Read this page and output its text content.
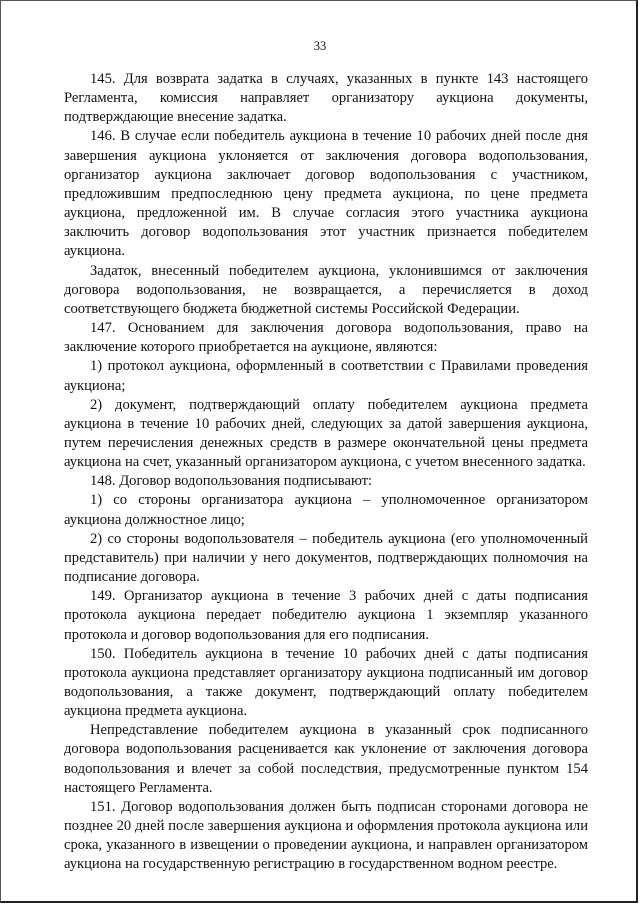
33

145. Для возврата задатка в случаях, указанных в пункте 143 настоящего Регламента, комиссия направляет организатору аукциона документы, подтверждающие внесение задатка.

146. В случае если победитель аукциона в течение 10 рабочих дней после дня завершения аукциона уклоняется от заключения договора водопользования, организатор аукциона заключает договор водопользования с участником, предложившим предпоследнюю цену предмета аукциона, по цене предмета аукциона, предложенной им. В случае согласия этого участника аукциона заключить договор водопользования этот участник признается победителем аукциона.

Задаток, внесенный победителем аукциона, уклонившимся от заключения договора водопользования, не возвращается, а перечисляется в доход соответствующего бюджета бюджетной системы Российской Федерации.

147. Основанием для заключения договора водопользования, право на заключение которого приобретается на аукционе, являются:

1) протокол аукциона, оформленный в соответствии с Правилами проведения аукциона;

2) документ, подтверждающий оплату победителем аукциона предмета аукциона в течение 10 рабочих дней, следующих за датой завершения аукциона, путем перечисления денежных средств в размере окончательной цены предмета аукциона на счет, указанный организатором аукциона, с учетом внесенного задатка.

148. Договор водопользования подписывают:

1) со стороны организатора аукциона – уполномоченное организатором аукциона должностное лицо;

2) со стороны водопользователя – победитель аукциона (его уполномоченный представитель) при наличии у него документов, подтверждающих полномочия на подписание договора.

149. Организатор аукциона в течение 3 рабочих дней с даты подписания протокола аукциона передает победителю аукциона 1 экземпляр указанного протокола и договор водопользования для его подписания.

150. Победитель аукциона в течение 10 рабочих дней с даты подписания протокола аукциона представляет организатору аукциона подписанный им договор водопользования, а также документ, подтверждающий оплату победителем аукциона предмета аукциона.

Непредставление победителем аукциона в указанный срок подписанного договора водопользования расценивается как уклонение от заключения договора водопользования и влечет за собой последствия, предусмотренные пунктом 154 настоящего Регламента.

151. Договор водопользования должен быть подписан сторонами договора не позднее 20 дней после завершения аукциона и оформления протокола аукциона или срока, указанного в извещении о проведении аукциона, и направлен организатором аукциона на государственную регистрацию в государственном водном реестре.
